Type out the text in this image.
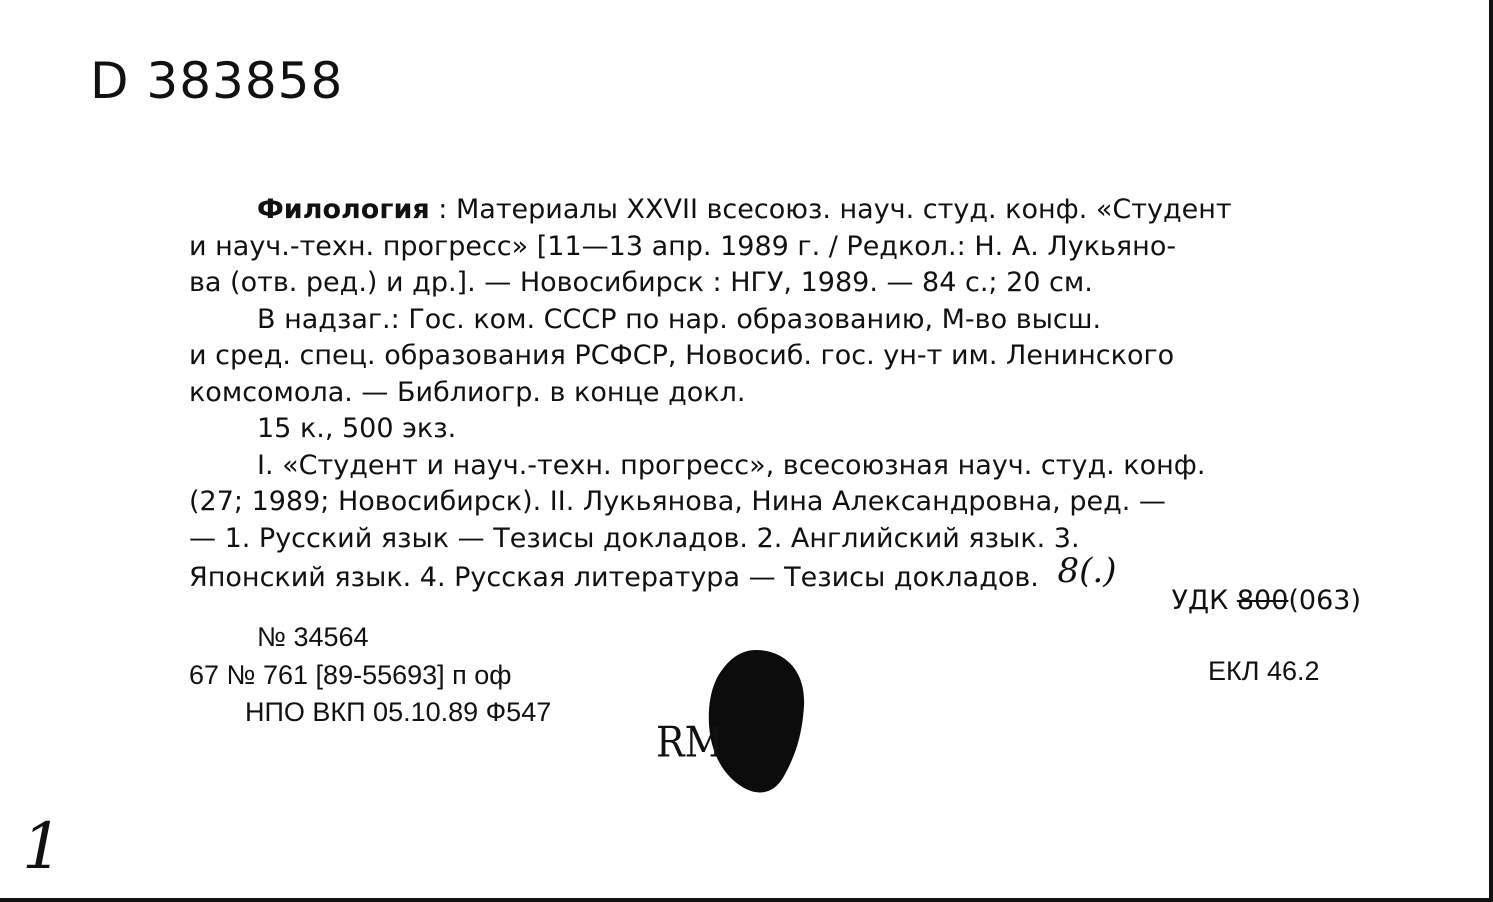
D 383858

Филология : Материалы XXVII всесоюз. науч. студ. конф. «Студент

и науч.-техн. прогресс» [11—13 апр. 1989 г. / Редкол.: Н. А. Лукьяно-

ва (отв. ред.) и др.]. — Новосибирск : НГУ, 1989. — 84 с.; 20 см.

В надзаг.: Гос. ком. СССР по нар. образованию, М-во высш.

и сред. спец. образования РСФСР, Новосиб. гос. ун-т им. Ленинского

комсомола. — Библиогр. в конце докл.

15 к., 500 экз.

I. «Студент и науч.-техн. прогресс», всесоюзная науч. студ. конф.

(27; 1989; Новосибирск). II. Лукьянова, Нина Александровна, ред. —

— 1. Русский язык — Тезисы докладов. 2. Английский язык. 3.

Японский язык. 4. Русская литература — Тезисы докладов. 8(.)

УДК 800(063)
№ 34564
67 № 761 [89-55693] п оф
НПО ВКП 05.10.89 Ф547
ЕКЛ 46.2
RM
1
